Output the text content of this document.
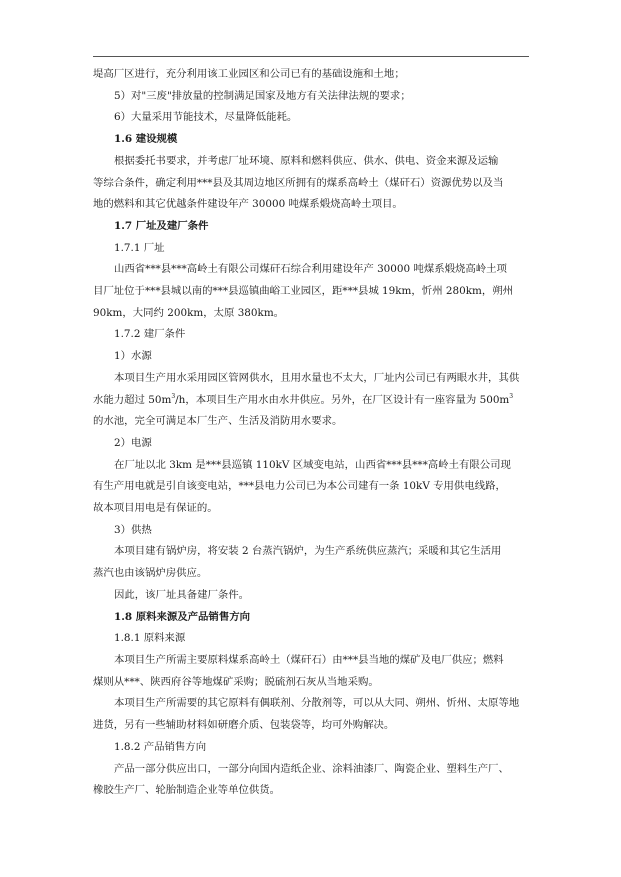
堤高厂区进行，充分利用该工业园区和公司已有的基础设施和土地；

5）对"三废"排放量的控制满足国家及地方有关法律法规的要求；

6）大量采用节能技术，尽量降低能耗。

1.6 建设规模

根据委托书要求，并考虑厂址环境、原料和燃料供应、供水、供电、资金来源及运输

等综合条件，确定利用***县及其周边地区所拥有的煤系高岭土（煤矸石）资源优势以及当

地的燃料和其它优越条件建设年产 30000 吨煤系煅烧高岭土项目。

1.7 厂址及建厂条件

1.7.1 厂址

山西省***县***高岭土有限公司煤矸石综合利用建设年产 30000 吨煤系煅烧高岭土项

目厂址位于***县城以南的***县巡镇曲峪工业园区，距***县城 19km，忻州 280km，朔州

90km，大同约 200km，太原 380km。

1.7.2 建厂条件

1）水源

本项目生产用水采用园区管网供水，且用水量也不太大，厂址内公司已有两眼水井，其供

水能力超过 $50m^3/h$，本项目生产用水由水井供应。另外，在厂区设计有一座容量为 $500m^3$

的水池，完全可满足本厂生产、生活及消防用水要求。

2）电源

在厂址以北 3km 是***县巡镇 110kV 区域变电站，山西省***县***高岭土有限公司现

有生产用电就是引自该变电站，***县电力公司已为本公司建有一条 10kV 专用供电线路，

故本项目用电是有保证的。

3）供热

本项目建有锅炉房，将安装 2 台蒸汽锅炉，为生产系统供应蒸汽；采暖和其它生活用

蒸汽也由该锅炉房供应。

因此，该厂址具备建厂条件。

1.8 原料来源及产品销售方向

1.8.1 原料来源

本项目生产所需主要原料煤系高岭土（煤矸石）由***县当地的煤矿及电厂供应；燃料

煤则从***、陕西府谷等地煤矿采购；脱硫剂石灰从当地采购。

本项目生产所需要的其它原料有偶联剂、分散剂等，可以从大同、朔州、忻州、太原等地

进货，另有一些辅助材料如研磨介质、包装袋等，均可外购解决。

1.8.2 产品销售方向

产品一部分供应出口，一部分向国内造纸企业、涂料油漆厂、陶瓷企业、塑料生产厂、

橡胶生产厂、轮胎制造企业等单位供货。
